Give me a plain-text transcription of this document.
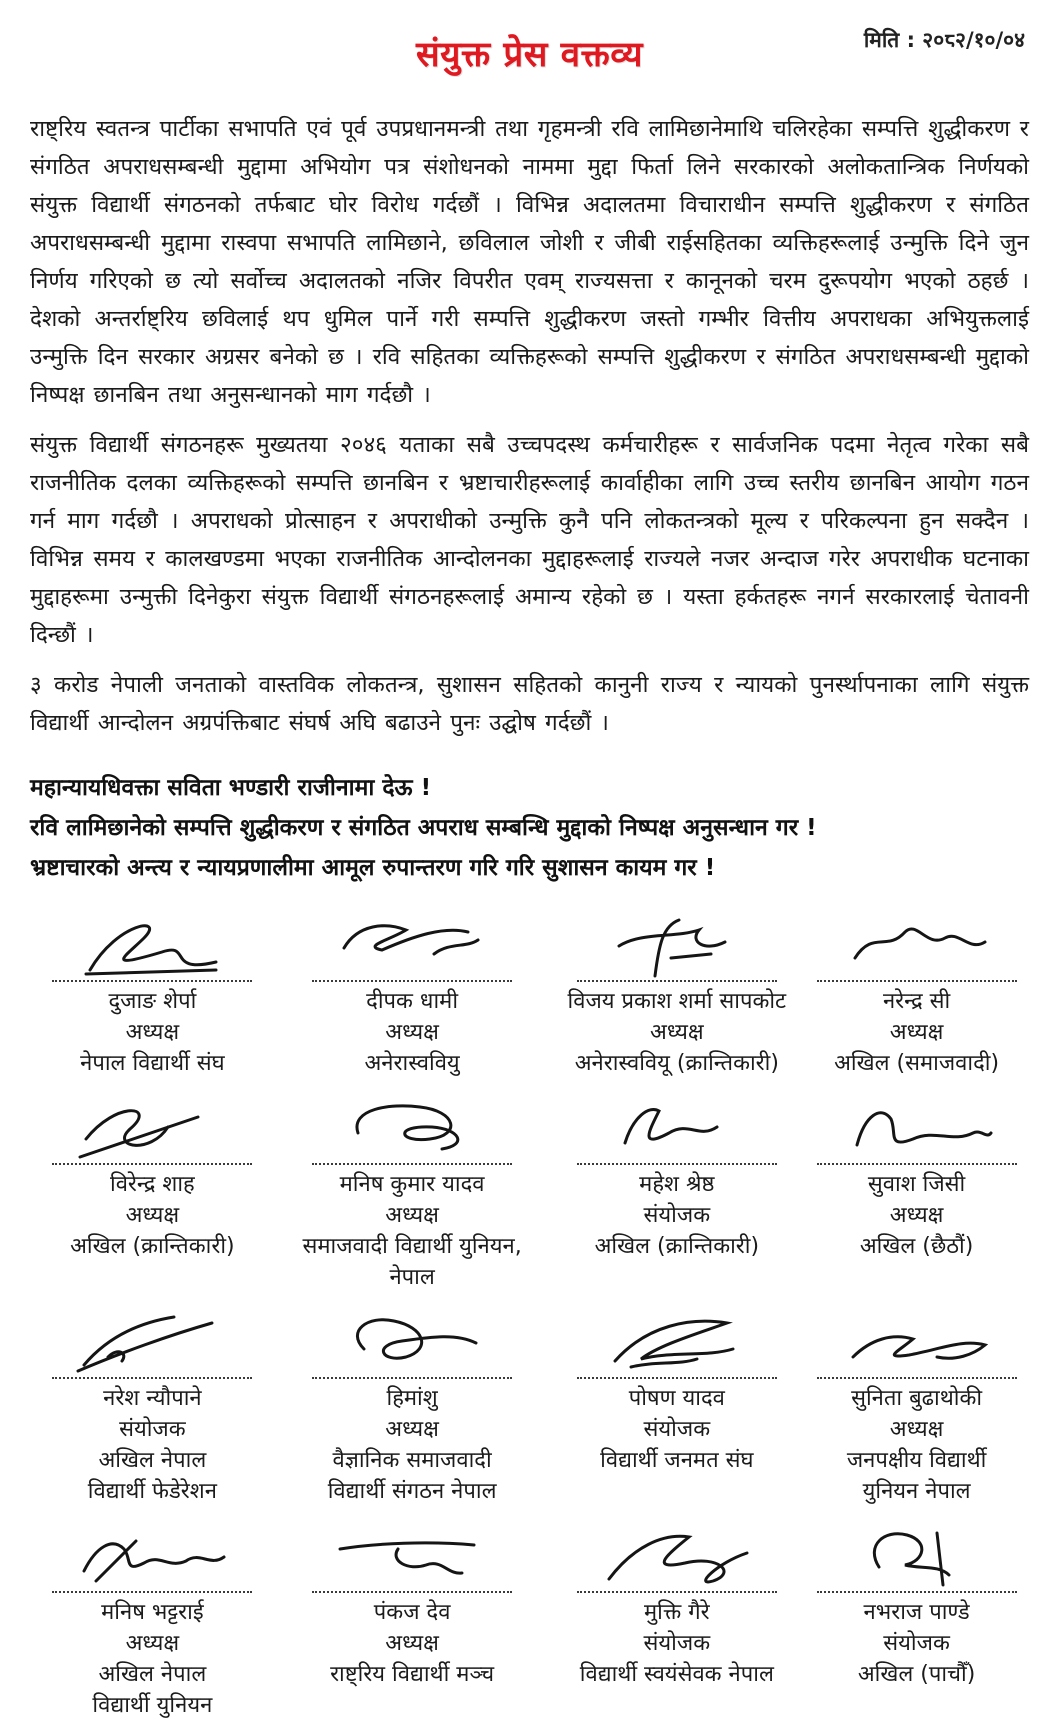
संयुक्त प्रेस वक्तव्य	मिति : २०८२/१०/०४

राष्ट्रिय स्वतन्त्र पार्टीका सभापति एवं पूर्व उपप्रधानमन्त्री तथा गृहमन्त्री रवि लामिछानेमाथि चलिरहेका सम्पत्ति शुद्धीकरण र संगठित अपराधसम्बन्धी मुद्दामा अभियोग पत्र संशोधनको नाममा मुद्दा फिर्ता लिने सरकारको अलोकतान्त्रिक निर्णयको संयुक्त विद्यार्थी संगठनको तर्फबाट घोर विरोध गर्दछौं । विभिन्न अदालतमा विचाराधीन सम्पत्ति शुद्धीकरण र संगठित अपराधसम्बन्धी मुद्दामा रास्वपा सभापति लामिछाने, छविलाल जोशी र जीबी राईसहितका व्यक्तिहरूलाई उन्मुक्ति दिने जुन निर्णय गरिएको छ त्यो सर्वोच्च अदालतको नजिर विपरीत एवम् राज्यसत्ता र कानूनको चरम दुरूपयोग भएको ठहर्छ । देशको अन्तर्राष्ट्रिय छविलाई थप धुमिल पार्ने गरी सम्पत्ति शुद्धीकरण जस्तो गम्भीर वित्तीय अपराधका अभियुक्तलाई उन्मुक्ति दिन सरकार अग्रसर बनेको छ । रवि सहितका व्यक्तिहरूको सम्पत्ति शुद्धीकरण र संगठित अपराधसम्बन्धी मुद्दाको निष्पक्ष छानबिन तथा अनुसन्धानको माग गर्दछौ ।

संयुक्त विद्यार्थी संगठनहरू मुख्यतया २०४६ यताका सबै उच्चपदस्थ कर्मचारीहरू र सार्वजनिक पदमा नेतृत्व गरेका सबै राजनीतिक दलका व्यक्तिहरूको सम्पत्ति छानबिन र भ्रष्टाचारीहरूलाई कार्वाहीका लागि उच्च स्तरीय छानबिन आयोग गठन गर्न माग गर्दछौ । अपराधको प्रोत्साहन र अपराधीको उन्मुक्ति कुनै पनि लोकतन्त्रको मूल्य र परिकल्पना हुन सक्दैन । विभिन्न समय र कालखण्डमा भएका राजनीतिक आन्दोलनका मुद्दाहरूलाई राज्यले नजर अन्दाज गरेर अपराधीक घटनाका मुद्दाहरूमा उन्मुक्ती दिनेकुरा संयुक्त विद्यार्थी संगठनहरूलाई अमान्य रहेको छ । यस्ता हर्कतहरू नगर्न सरकारलाई चेतावनी दिन्छौं ।

३ करोड नेपाली जनताको वास्तविक लोकतन्त्र, सुशासन सहितको कानुनी राज्य र न्यायको पुनर्स्थापनाका लागि संयुक्त विद्यार्थी आन्दोलन अग्रपंक्तिबाट संघर्ष अघि बढाउने पुनः उद्घोष गर्दछौं ।

महान्यायधिवक्ता सविता भण्डारी राजीनामा देऊ !
रवि लामिछानेको सम्पत्ति शुद्धीकरण र संगठित अपराध सम्बन्धि मुद्दाको निष्पक्ष अनुसन्धान गर !
भ्रष्टाचारको अन्त्य र न्यायप्रणालीमा आमूल रुपान्तरण गरि गरि सुशासन कायम गर !
दुजाङ शेर्पा
अध्यक्ष
नेपाल विद्यार्थी संघ
दीपक धामी
अध्यक्ष
अनेरास्ववियु
विजय प्रकाश शर्मा सापकोट
अध्यक्ष
अनेरास्ववियू (क्रान्तिकारी)
नरेन्द्र सी
अध्यक्ष
अखिल (समाजवादी)
विरेन्द्र शाह
अध्यक्ष
अखिल (क्रान्तिकारी)
मनिष कुमार यादव
अध्यक्ष
समाजवादी विद्यार्थी युनियन, नेपाल
महेश श्रेष्ठ
संयोजक
अखिल (क्रान्तिकारी)
सुवाश जिसी
अध्यक्ष
अखिल (छैठौं)
नरेश न्यौपाने
संयोजक
अखिल नेपाल
विद्यार्थी फेडेरेशन
हिमांशु
अध्यक्ष
वैज्ञानिक समाजवादी
विद्यार्थी संगठन नेपाल
पोषण यादव
संयोजक
विद्यार्थी जनमत संघ
सुनिता बुढाथोकी
अध्यक्ष
जनपक्षीय विद्यार्थी
युनियन नेपाल
मनिष भट्टराई
अध्यक्ष
अखिल नेपाल
विद्यार्थी युनियन
पंकज देव
अध्यक्ष
राष्ट्रिय विद्यार्थी मञ्च
मुक्ति गैरे
संयोजक
विद्यार्थी स्वयंसेवक नेपाल
नभराज पाण्डे
संयोजक
अखिल (पाचौँ)
